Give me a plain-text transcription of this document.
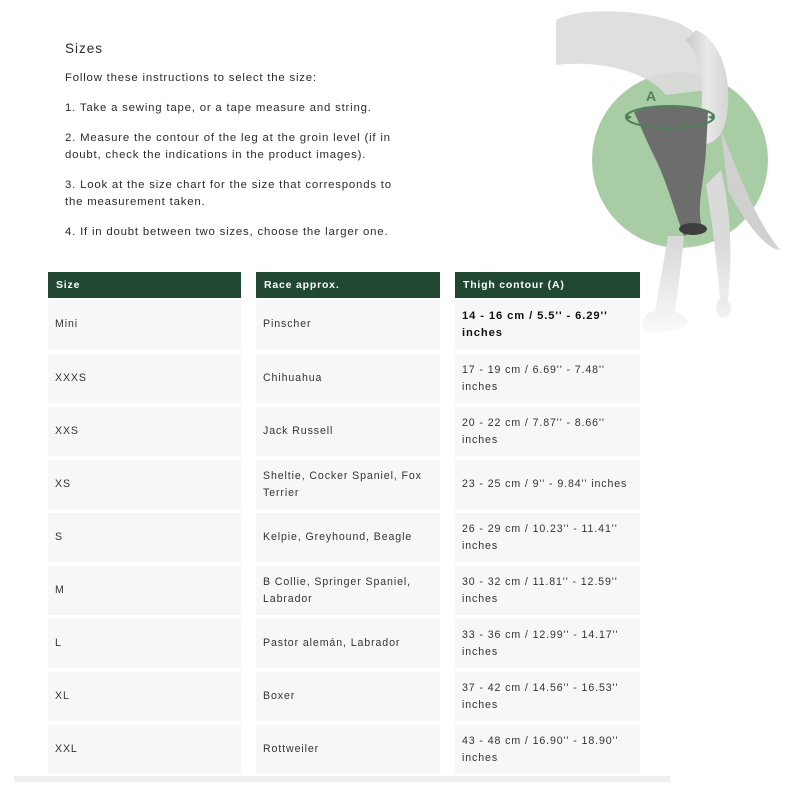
Sizes

Follow these instructions to select the size:

1. Take a sewing tape, or a tape measure and string.

2. Measure the contour of the leg at the groin level (if in doubt, check the indications in the product images).

3. Look at the size chart for the size that corresponds to the measurement taken.

4. If in doubt between two sizes, choose the larger one.

Size
Mini
XXXS
XXS
XS
S
M
L
XL
XXL
Race approx.
Pinscher
Chihuahua
Jack Russell
Sheltie, Cocker Spaniel, Fox Terrier
Kelpie, Greyhound, Beagle
B Collie, Springer Spaniel, Labrador
Pastor alemán, Labrador
Boxer
Rottweiler
Thigh contour (A)
14 - 16 cm / 5.5'' - 6.29'' inches
17 - 19 cm / 6.69'' - 7.48'' inches
20 - 22 cm / 7.87'' - 8.66'' inches
23 - 25 cm / 9'' - 9.84'' inches
26 - 29 cm / 10.23'' - 11.41'' inches
30 - 32 cm / 11.81'' - 12.59'' inches
33 - 36 cm / 12.99'' - 14.17'' inches
37 - 42 cm / 14.56'' - 16.53'' inches
43 - 48 cm / 16.90'' - 18.90'' inches
